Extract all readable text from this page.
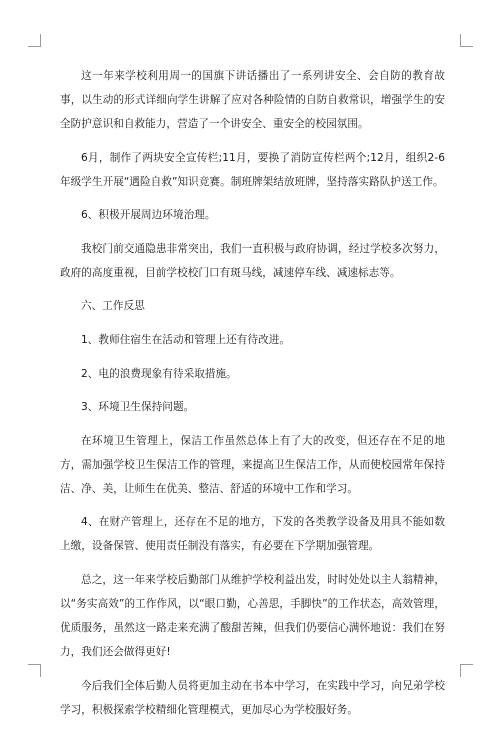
这一年来学校利用周一的国旗下讲话播出了一系列讲安全、会自防的教育故事，以生动的形式详细向学生讲解了应对各种险情的自防自救常识，增强学生的安全防护意识和自救能力，营造了一个讲安全、重安全的校园氛围。

6月，制作了两块安全宣传栏;11月，要换了消防宣传栏两个;12月，组织2-6年级学生开展“遇险自救”知识竞赛。制班牌架结放班牌，坚持落实路队护送工作。

6、积极开展周边环境治理。

我校门前交通隐患非常突出，我们一直积极与政府协调，经过学校多次努力，政府的高度重视，目前学校校门口有斑马线，减速停车线、减速标志等。

六、工作反思

1、教师住宿生在活动和管理上还有待改进。

2、电的浪费现象有待采取措施。

3、环境卫生保持问题。

在环境卫生管理上，保洁工作虽然总体上有了大的改变，但还存在不足的地方，需加强学校卫生保洁工作的管理，来提高卫生保洁工作，从而使校园常年保持洁、净、美，让师生在优美、整洁、舒适的环境中工作和学习。

4、在财产管理上，还存在不足的地方，下发的各类教学设备及用具不能如数上缴，设备保管、使用责任制没有落实，有必要在下学期加强管理。

总之，这一年来学校后勤部门从维护学校利益出发，时时处处以主人翁精神，以“务实高效”的工作作风，以“眼口勤，心善思，手脚快”的工作状态，高效管理，优质服务，虽然这一路走来充满了酸甜苦辣，但我们仍要信心满怀地说：我们在努力，我们还会做得更好!

今后我们全体后勤人员将更加主动在书本中学习，在实践中学习，向兄弟学校学习，积极探索学校精细化管理模式，更加尽心为学校服好务。
